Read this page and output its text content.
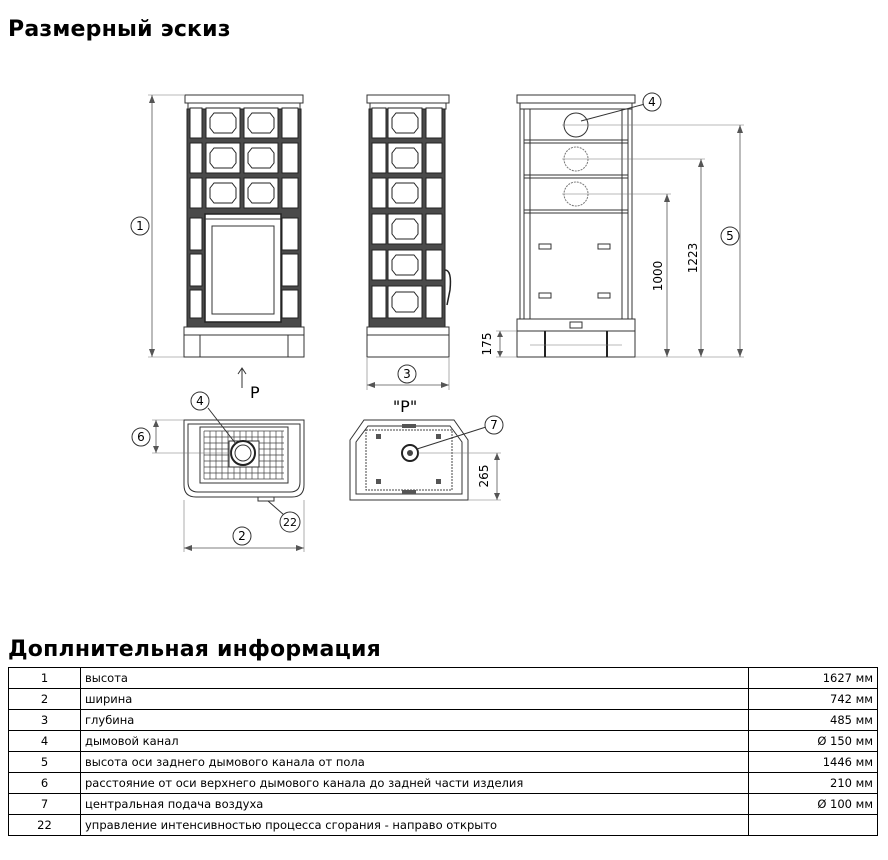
Размерный эскиз
1
P
3
4
175
1000
1223
5
4
6
22
2
"P"
7
265
Доплнительная информация
1	высота	1627 мм
2	ширина	742 мм
3	глубина	485 мм
4	дымовой канал	Ø 150 мм
5	высота оси заднего дымового канала от пола	1446 мм
6	расстояние от оси верхнего дымового канала до задней части изделия	210 мм
7	центральная подача воздуха	Ø 100 мм
22	управление интенсивностью процесса сгорания - направо открыто	
